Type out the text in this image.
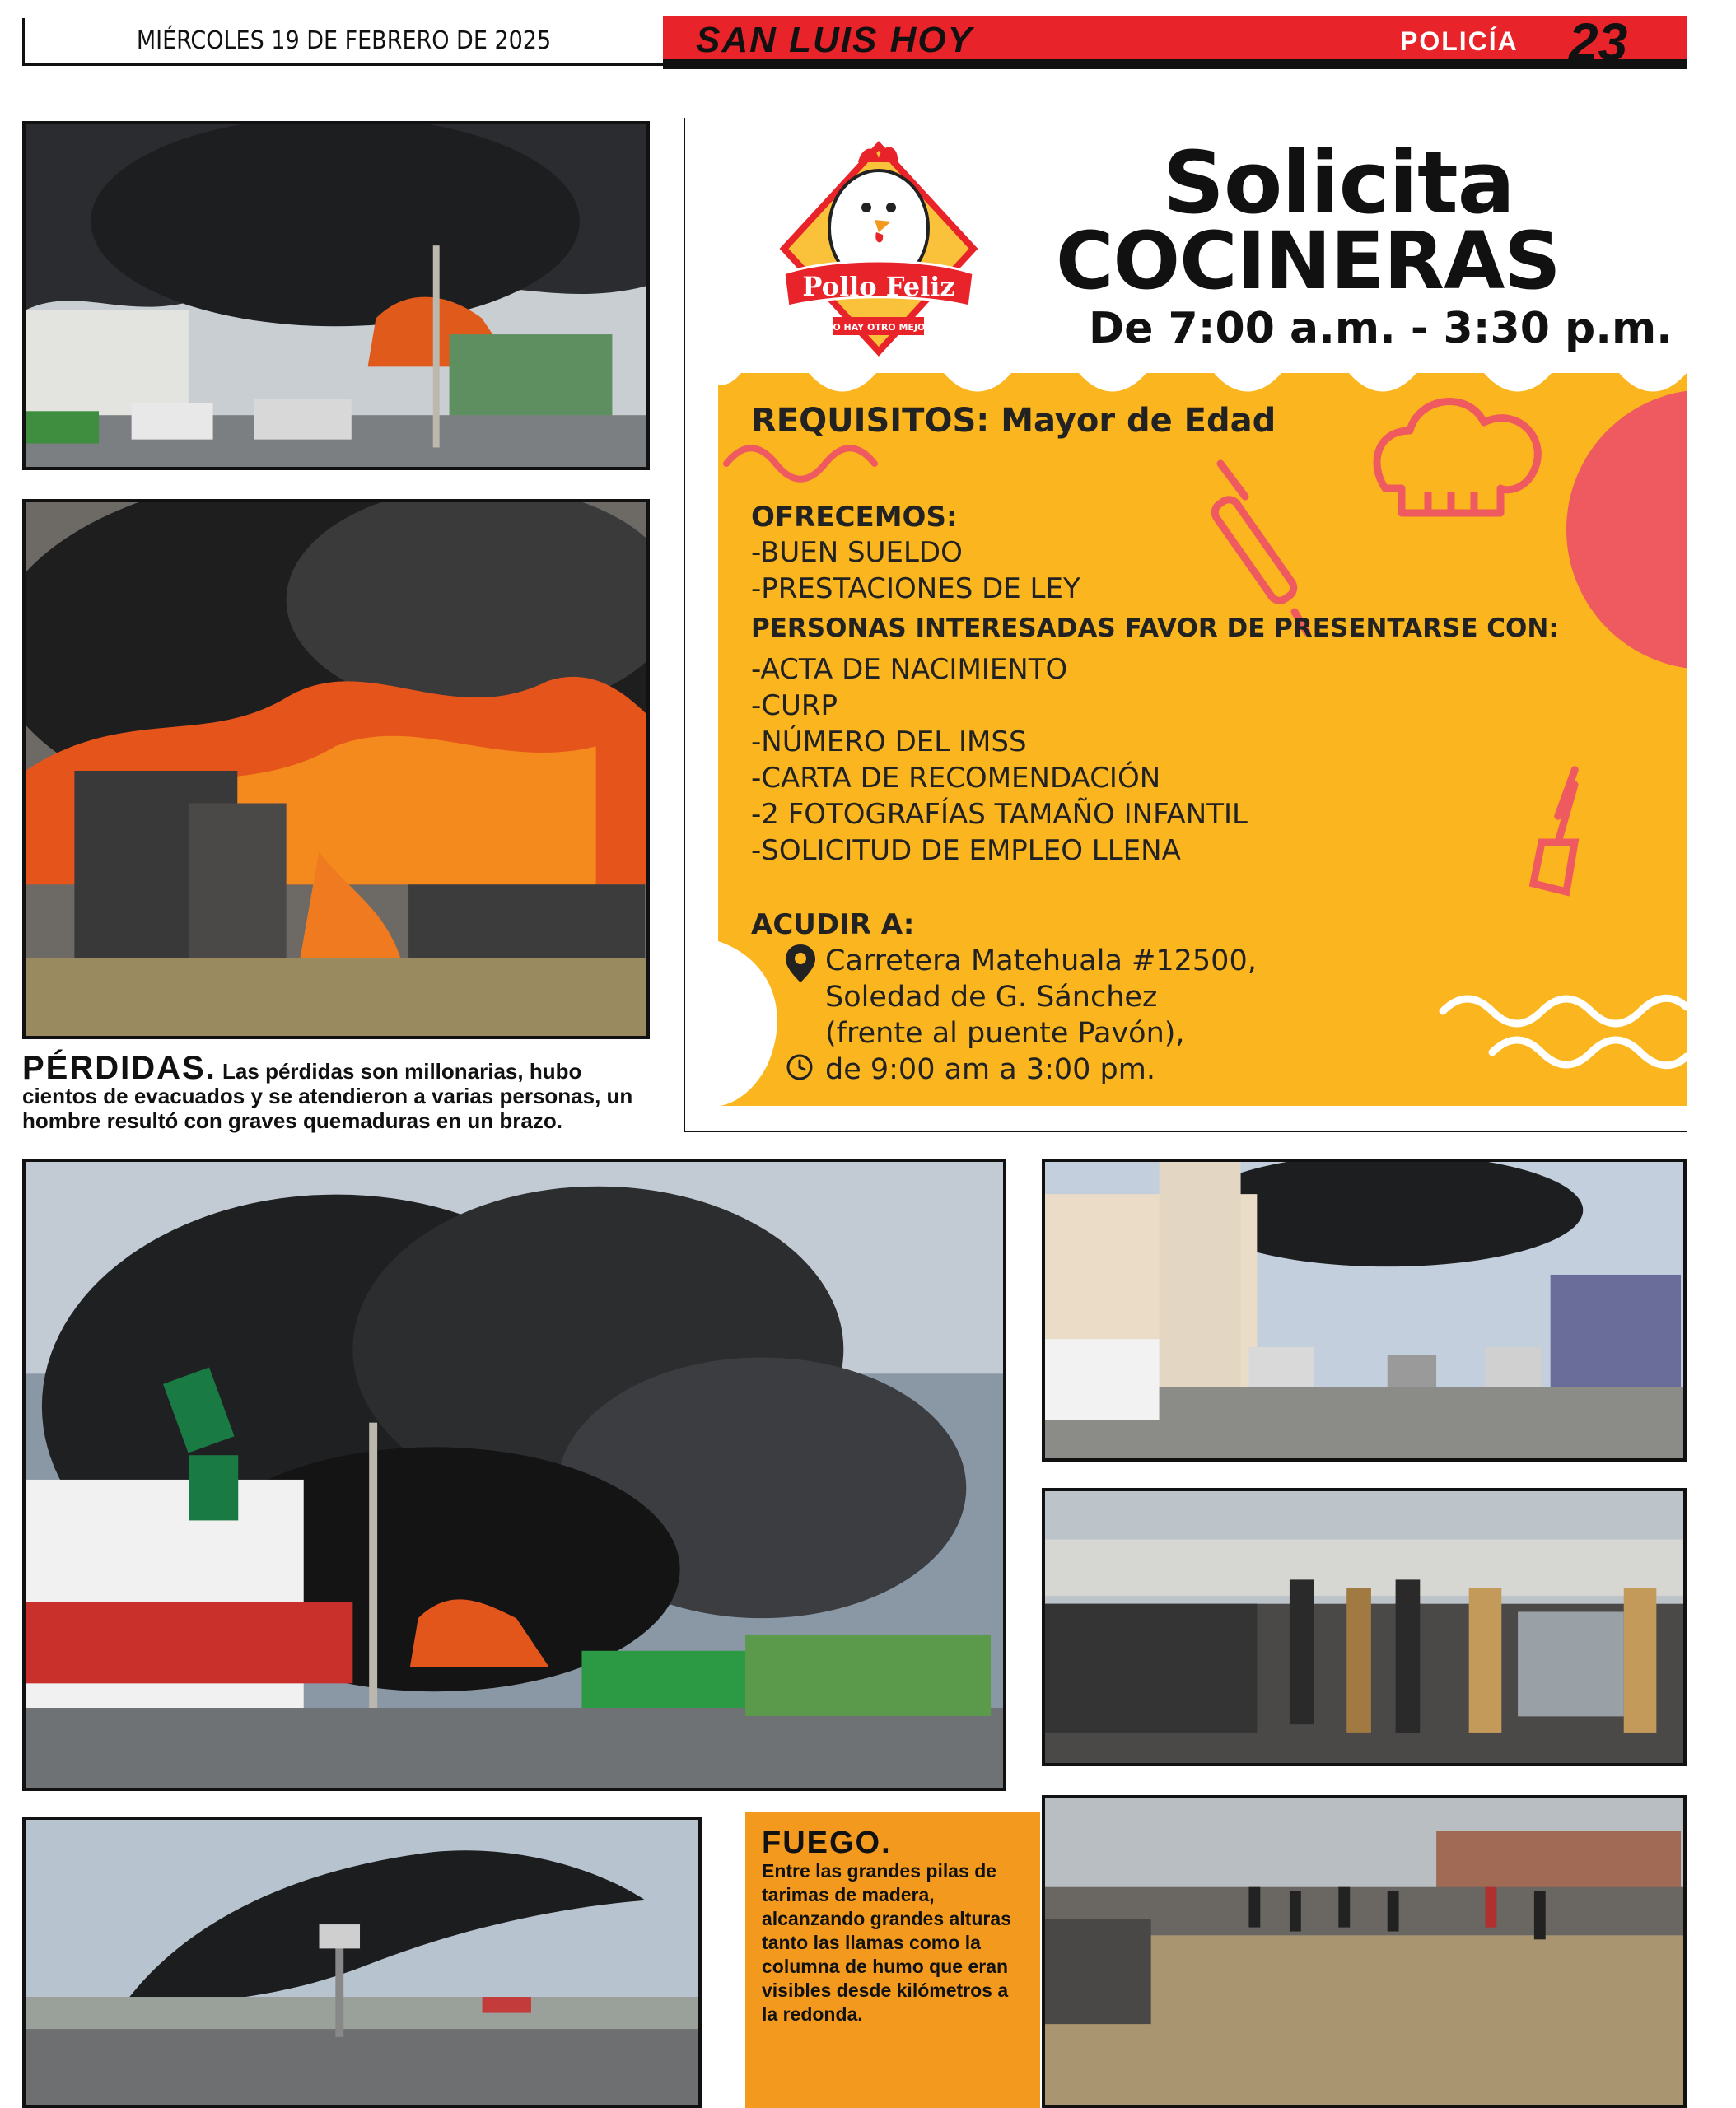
MIÉRCOLES 19 DE FEBRERO DE 2025	SAN LUIS HOY	POLICÍA 23
PÉRDIDAS. Las pérdidas son millonarias, hubo cientos de evacuados y se atendieron a varias personas, un hombre resultó con graves quemaduras en un brazo.
FUEGO.
Entre las grandes pilas de tarimas de madera, alcanzando grandes alturas tanto las llamas como la columna de humo que eran visibles desde kilómetros a la redonda.
Pollo Feliz
NO HAY OTRO MEJOR
Solicita
COCINERAS
De 7:00 a.m. - 3:30 p.m.
REQUISITOS: Mayor de Edad
OFRECEMOS:
-BUEN SUELDO
-PRESTACIONES DE LEY
PERSONAS INTERESADAS FAVOR DE PRESENTARSE CON:
-ACTA DE NACIMIENTO
-CURP
-NÚMERO DEL IMSS
-CARTA DE RECOMENDACIÓN
-2 FOTOGRAFÍAS TAMAÑO INFANTIL
-SOLICITUD DE EMPLEO LLENA
ACUDIR A:
Carretera Matehuala #12500,
Soledad de G. Sánchez
(frente al puente Pavón),
de 9:00 am a 3:00 pm.
